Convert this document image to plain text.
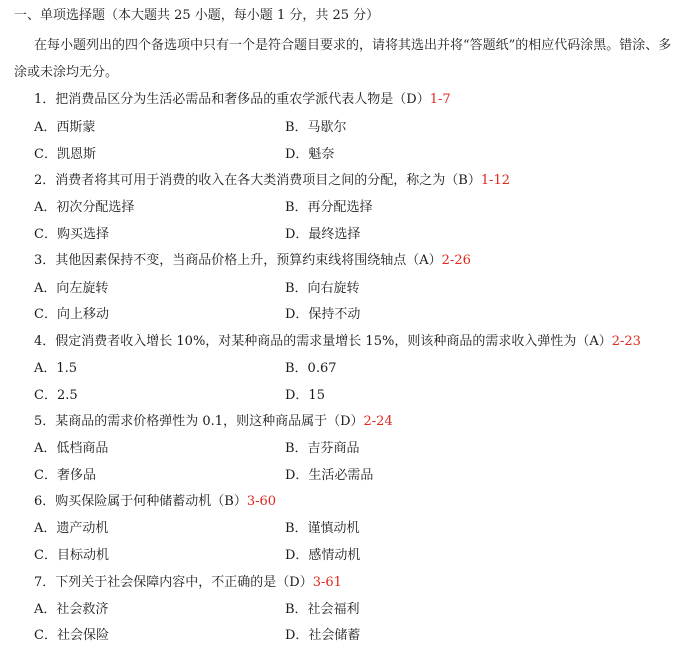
一、单项选择题（本大题共 25 小题，每小题 1 分，共 25 分）
在每小题列出的四个备选项中只有一个是符合题目要求的，请将其选出并将“答题纸”的相应代码涂黑。错涂、多
涂或未涂均无分。
1．把消费品区分为生活必需品和奢侈品的重农学派代表人物是（D）1-7
A．西斯蒙	B．马歇尔
C．凯恩斯	D．魁奈
2．消费者将其可用于消费的收入在各大类消费项目之间的分配，称之为（B）1-12
A．初次分配选择	B．再分配选择
C．购买选择	D．最终选择
3．其他因素保持不变，当商品价格上升，预算约束线将围绕轴点（A）2-26
A．向左旋转	B．向右旋转
C．向上移动	D．保持不动
4．假定消费者收入增长 10%，对某种商品的需求量增长 15%，则该种商品的需求收入弹性为（A）2-23
A．1.5	B．0.67
C．2.5	D．15
5．某商品的需求价格弹性为 0.1，则这种商品属于（D）2-24
A．低档商品	B．吉芬商品
C．奢侈品	D．生活必需品
6．购买保险属于何种储蓄动机（B）3-60
A．遗产动机	B．谨慎动机
C．目标动机	D．感情动机
7．下列关于社会保障内容中，不正确的是（D）3-61
A．社会救济	B．社会福利
C．社会保险	D．社会储蓄
